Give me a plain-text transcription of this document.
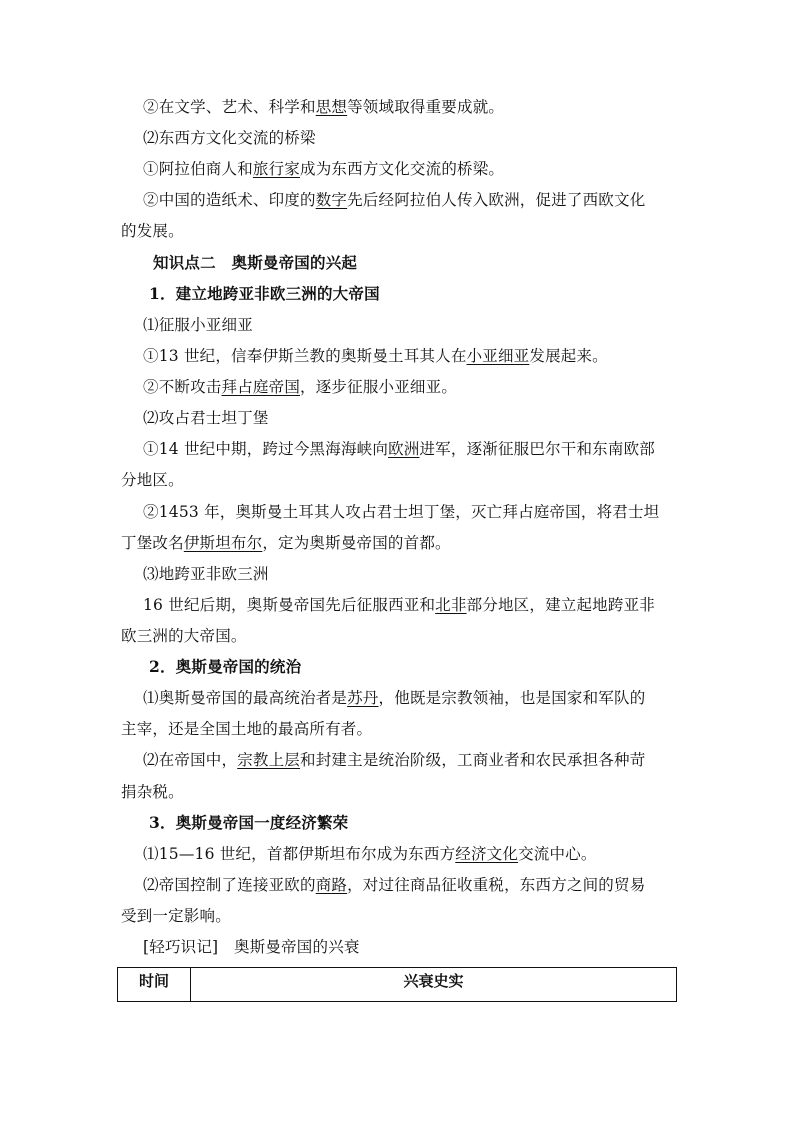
②在文学、艺术、科学和思想等领域取得重要成就。
⑵东西方文化交流的桥梁
①阿拉伯商人和旅行家成为东西方文化交流的桥梁。
②中国的造纸术、印度的数字先后经阿拉伯人传入欧洲，促进了西欧文化
的发展。
知识点二　奥斯曼帝国的兴起
1．建立地跨亚非欧三洲的大帝国
⑴征服小亚细亚
①13 世纪，信奉伊斯兰教的奥斯曼土耳其人在小亚细亚发展起来。
②不断攻击拜占庭帝国，逐步征服小亚细亚。
⑵攻占君士坦丁堡
①14 世纪中期，跨过今黑海海峡向欧洲进军，逐渐征服巴尔干和东南欧部
分地区。
②1453 年，奥斯曼土耳其人攻占君士坦丁堡，灭亡拜占庭帝国，将君士坦
丁堡改名伊斯坦布尔，定为奥斯曼帝国的首都。
⑶地跨亚非欧三洲
16 世纪后期，奥斯曼帝国先后征服西亚和北非部分地区，建立起地跨亚非
欧三洲的大帝国。
2．奥斯曼帝国的统治
⑴奥斯曼帝国的最高统治者是苏丹，他既是宗教领袖，也是国家和军队的
主宰，还是全国土地的最高所有者。
⑵在帝国中，宗教上层和封建主是统治阶级，工商业者和农民承担各种苛
捐杂税。
3．奥斯曼帝国一度经济繁荣
⑴15—16 世纪，首都伊斯坦布尔成为东西方经济文化交流中心。
⑵帝国控制了连接亚欧的商路，对过往商品征收重税，东西方之间的贸易
受到一定影响。
[轻巧识记]　奥斯曼帝国的兴衰
时间	兴衰史实
